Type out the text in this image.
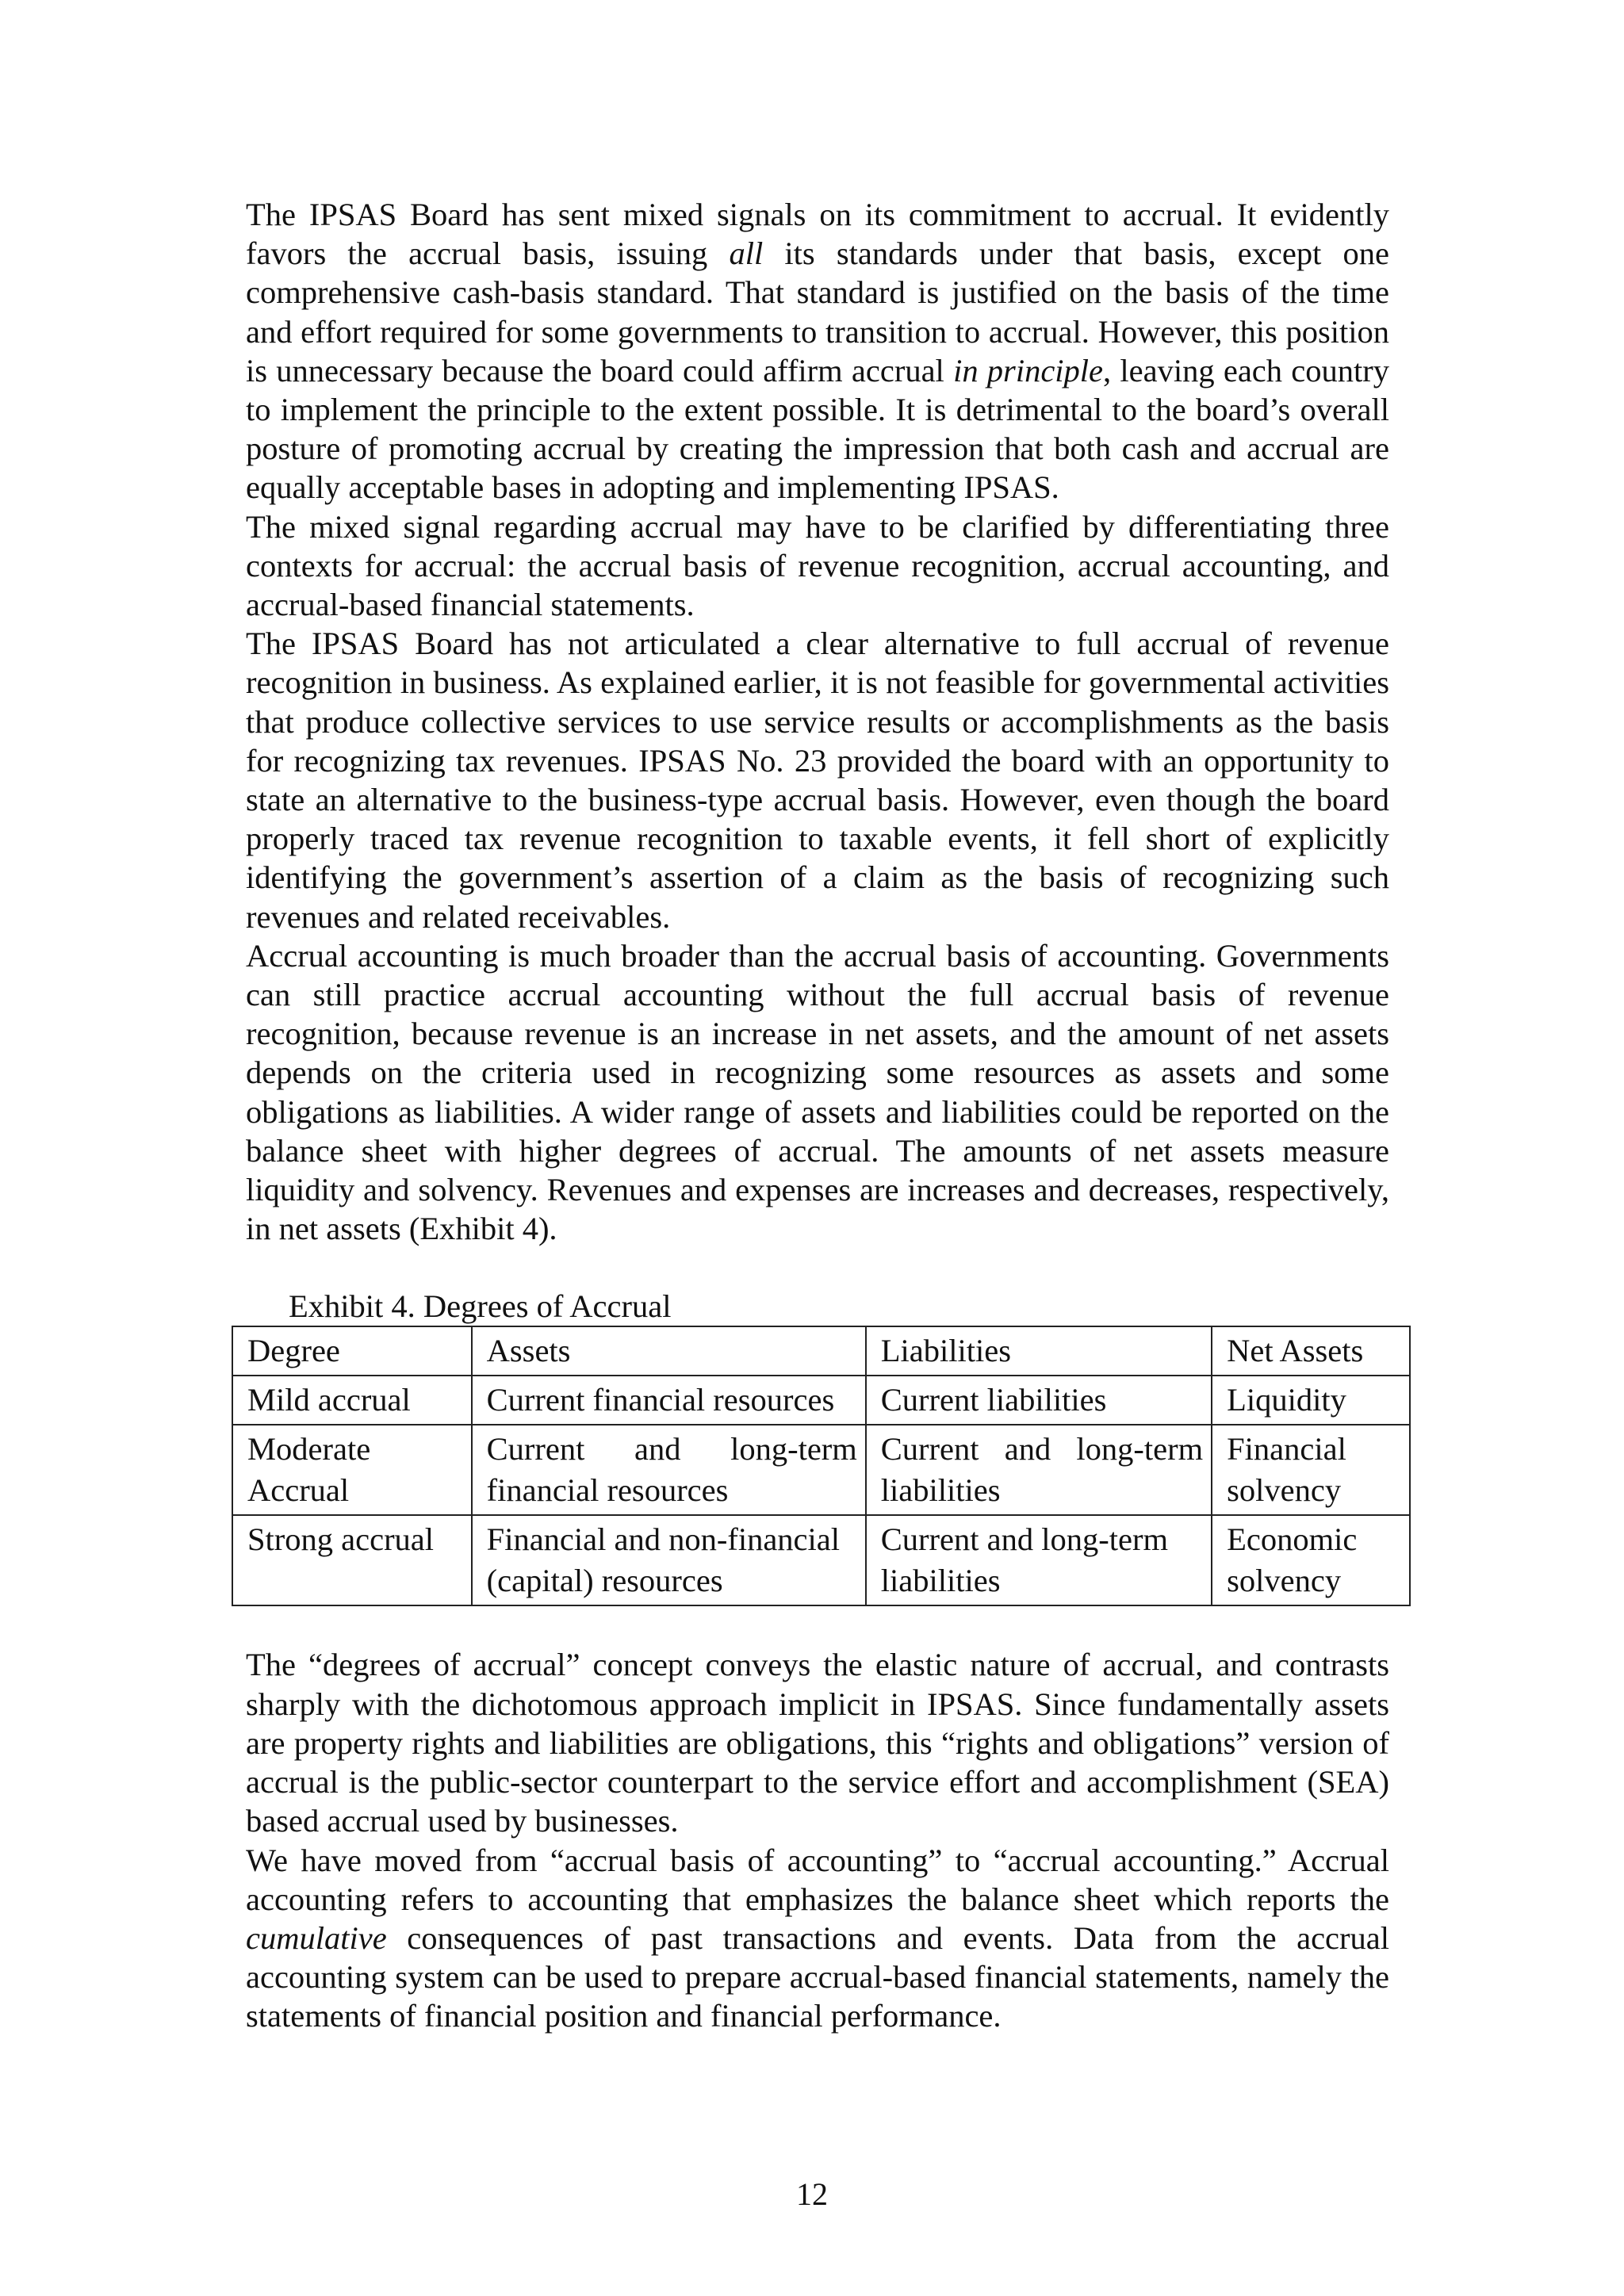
The IPSAS Board has sent mixed signals on its commitment to accrual. It evidently favors the accrual basis, issuing all its standards under that basis, except one comprehensive cash-basis standard. That standard is justified on the basis of the time and effort required for some governments to transition to accrual. However, this position is unnecessary because the board could affirm accrual in principle, leaving each country to implement the principle to the extent possible. It is detrimental to the board’s overall posture of promoting accrual by creating the impression that both cash and accrual are equally acceptable bases in adopting and implementing IPSAS.

The mixed signal regarding accrual may have to be clarified by differentiating three contexts for accrual: the accrual basis of revenue recognition, accrual accounting, and accrual-based financial statements.

The IPSAS Board has not articulated a clear alternative to full accrual of revenue recognition in business. As explained earlier, it is not feasible for governmental activities that produce collective services to use service results or accomplishments as the basis for recognizing tax revenues. IPSAS No. 23 provided the board with an opportunity to state an alternative to the business-type accrual basis. However, even though the board properly traced tax revenue recognition to taxable events, it fell short of explicitly identifying the government’s assertion of a claim as the basis of recognizing such revenues and related receivables.

Accrual accounting is much broader than the accrual basis of accounting. Governments can still practice accrual accounting without the full accrual basis of revenue recognition, because revenue is an increase in net assets, and the amount of net assets depends on the criteria used in recognizing some resources as assets and some obligations as liabilities. A wider range of assets and liabilities could be reported on the balance sheet with higher degrees of accrual. The amounts of net assets measure liquidity and solvency. Revenues and expenses are increases and decreases, respectively, in net assets (Exhibit 4).

Exhibit 4. Degrees of Accrual
Degree	Assets	Liabilities	Net Assets
Mild accrual	Current financial resources	Current liabilities	Liquidity
Moderate Accrual	Current and long-term financial resources	Current and long-term liabilities	Financial solvency
Strong accrual	Financial and non-financial (capital) resources	Current and long-term liabilities	Economic solvency

The “degrees of accrual” concept conveys the elastic nature of accrual, and contrasts sharply with the dichotomous approach implicit in IPSAS. Since fundamentally assets are property rights and liabilities are obligations, this “rights and obligations” version of accrual is the public-sector counterpart to the service effort and accomplishment (SEA) based accrual used by businesses.

We have moved from “accrual basis of accounting” to “accrual accounting.” Accrual accounting refers to accounting that emphasizes the balance sheet which reports the cumulative consequences of past transactions and events. Data from the accrual accounting system can be used to prepare accrual-based financial statements, namely the statements of financial position and financial performance.

12
